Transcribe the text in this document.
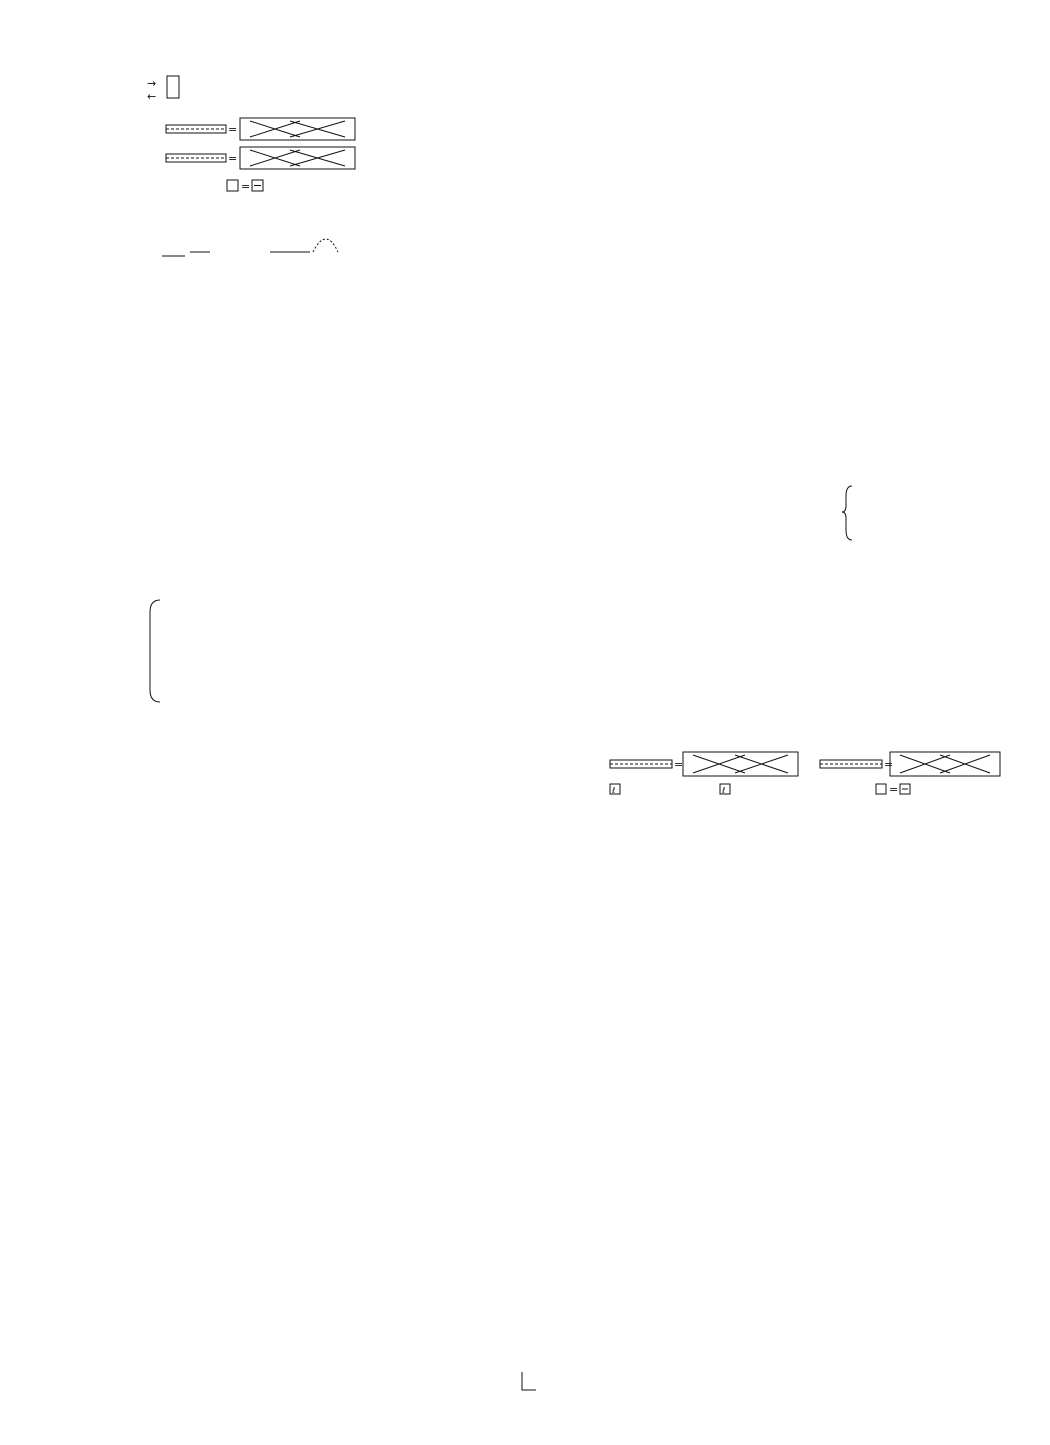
→
←
=
=
=
=	=
ℓ	ℓ	=
